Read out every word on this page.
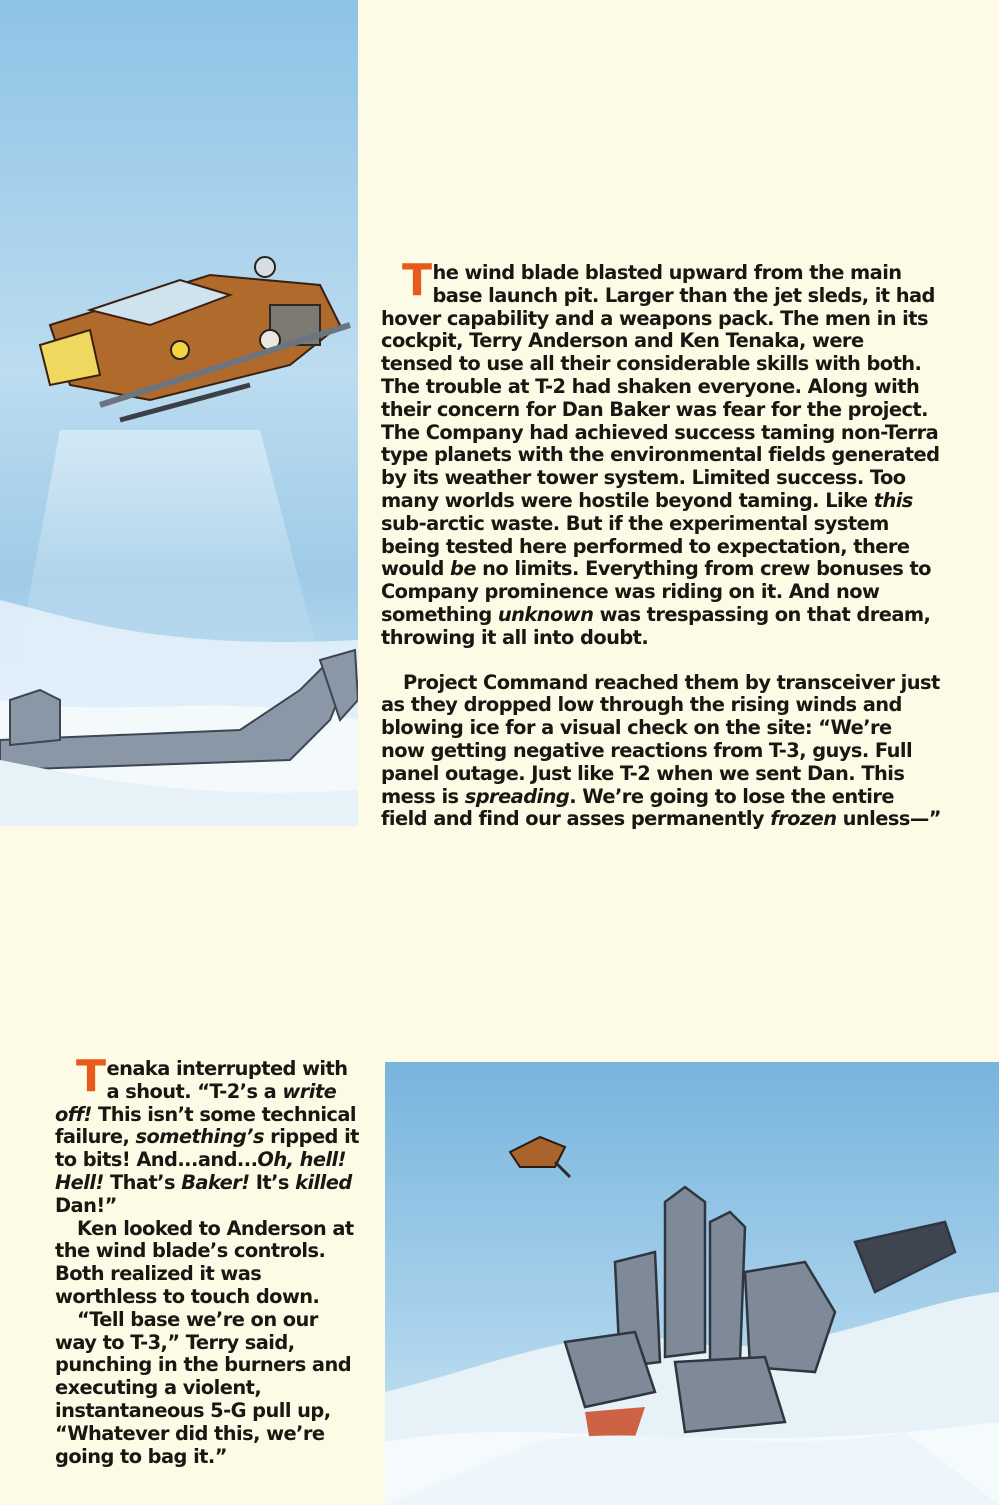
T he wind blade blasted upward from the main base launch pit. Larger than the jet sleds, it had hover capability and a weapons pack. The men in its cockpit, Terry Anderson and Ken Tenaka, were tensed to use all their considerable skills with both. The trouble at T-2 had shaken everyone. Along with their concern for Dan Baker was fear for the project. The Company had achieved success taming non-Terra type planets with the environmental fields generated by its weather tower system. Limited success. Too many worlds were hostile beyond taming. Like this sub-arctic waste. But if the experimental system being tested here performed to expectation, there would be no limits. Everything from crew bonuses to Company prominence was riding on it. And now something unknown was trespassing on that dream, throwing it all into doubt.

Project Command reached them by transceiver just as they dropped low through the rising winds and blowing ice for a visual check on the site: “We’re now getting negative reactions from T-3, guys. Full panel outage. Just like T-2 when we sent Dan. This mess is spreading. We’re going to lose the entire field and find our asses permanently frozen unless—”

T enaka interrupted with a shout. “T-2’s a write off! This isn’t some technical failure, something’s ripped it to bits! And...and...Oh, hell! Hell! That’s Baker! It’s killed Dan!”

Ken looked to Anderson at the wind blade’s controls. Both realized it was worthless to touch down.

“Tell base we’re on our way to T-3,” Terry said, punching in the burners and executing a violent, instantaneous 5-G pull up, “Whatever did this, we’re going to bag it.”
